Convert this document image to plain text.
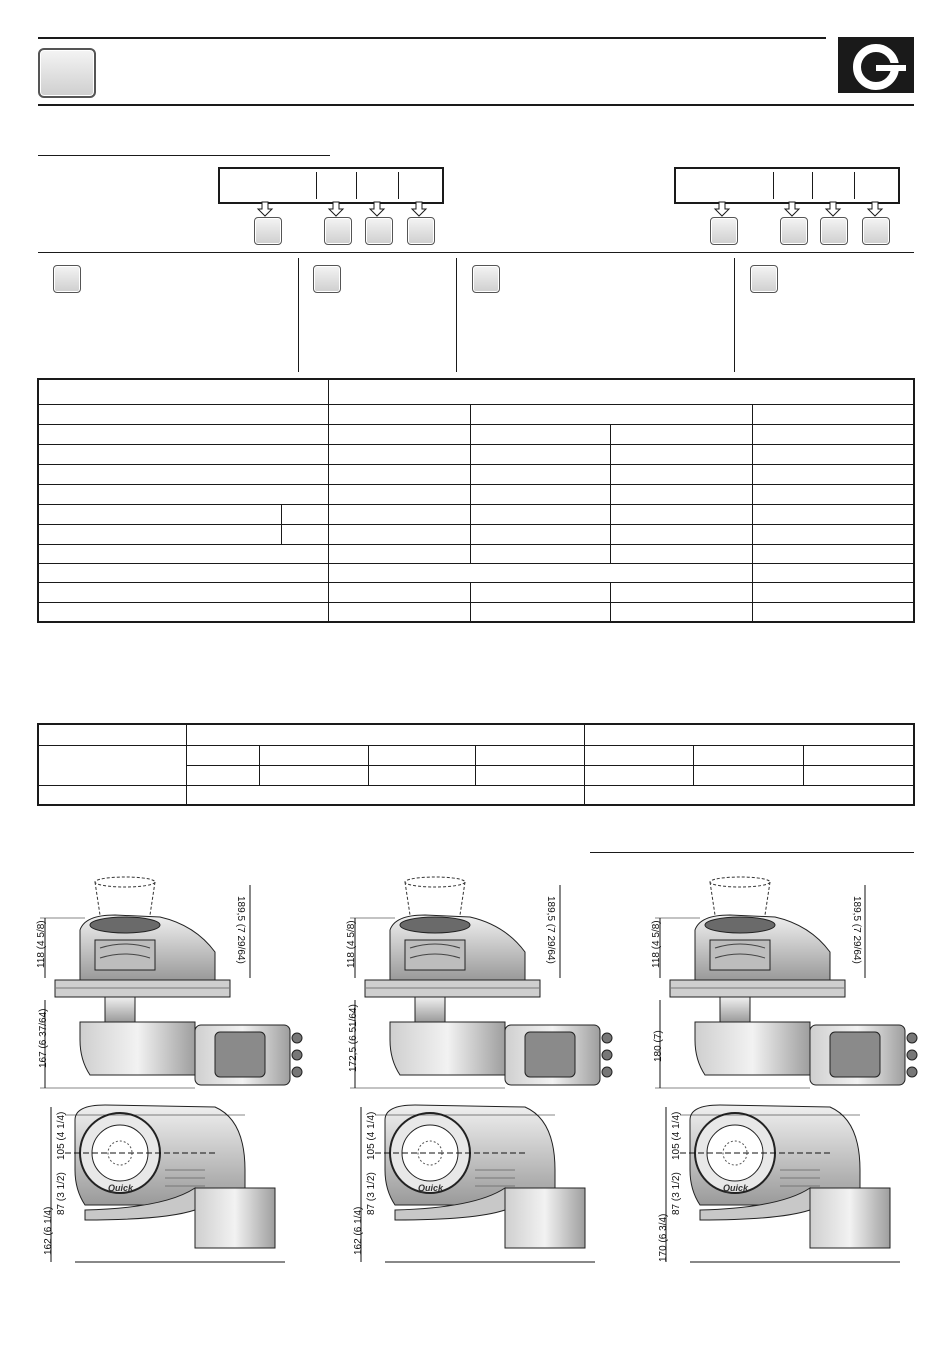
189,5 (7 29/64)
118 (4 5/8)
167 (6 37/64)
105 (4 1/4)
87 (3 1/2)
162 (6 1/4)
189,5 (7 29/64)
118 (4 5/8)
172,5 (6 51/64)
105 (4 1/4)
87 (3 1/2)
162 (6 1/4)
189,5 (7 29/64)
118 (4 5/8)
180 (7)
105 (4 1/4)
87 (3 1/2)
170 (6 3/4)
Quick	Quick	Quick
